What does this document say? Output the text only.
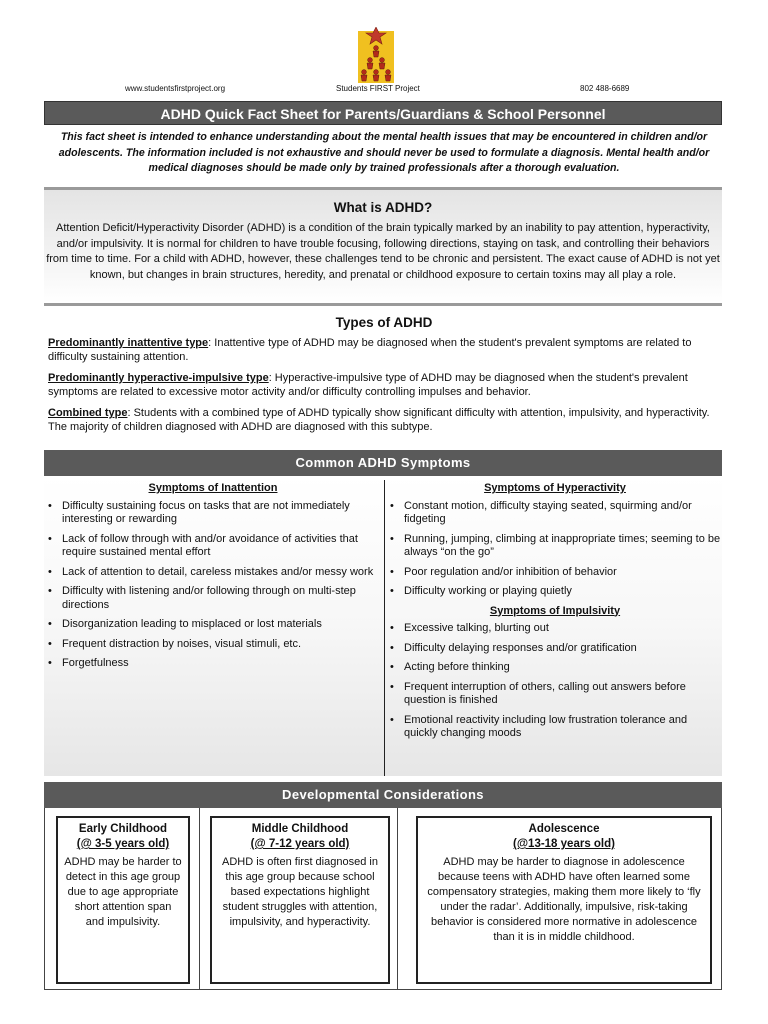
www.studentsfirstproject.org	Students FIRST Project	802 488-6689
ADHD Quick Fact Sheet for Parents/Guardians & School Personnel
This fact sheet is intended to enhance understanding about the mental health issues that may be encountered in children and/or adolescents. The information included is not exhaustive and should never be used to formulate a diagnosis. Mental health and/or medical diagnoses should be made only by trained professionals after a thorough evaluation.
What is ADHD?

Attention Deficit/Hyperactivity Disorder (ADHD) is a condition of the brain typically marked by an inability to pay attention, hyperactivity, and/or impulsivity. It is normal for children to have trouble focusing, following directions, staying on task, and controlling their behaviors from time to time. For a child with ADHD, however, these challenges tend to be chronic and persistent. The exact cause of ADHD is not yet known, but changes in brain structures, heredity, and prenatal or childhood exposure to certain toxins may all play a role.

Types of ADHD

Predominantly inattentive type: Inattentive type of ADHD may be diagnosed when the student's prevalent symptoms are related to difficulty sustaining attention.

Predominantly hyperactive-impulsive type: Hyperactive-impulsive type of ADHD may be diagnosed when the student's prevalent symptoms are related to excessive motor activity and/or difficulty controlling impulses and behavior.

Combined type: Students with a combined type of ADHD typically show significant difficulty with attention, impulsivity, and hyperactivity. The majority of children diagnosed with ADHD are diagnosed with this subtype.

Common ADHD Symptoms
Symptoms of Inattention
• Difficulty sustaining focus on tasks that are not immediately interesting or rewarding
• Lack of follow through with and/or avoidance of activities that require sustained mental effort
• Lack of attention to detail, careless mistakes and/or messy work
• Difficulty with listening and/or following through on multi-step directions
• Disorganization leading to misplaced or lost materials
• Frequent distraction by noises, visual stimuli, etc.
• Forgetfulness
Symptoms of Hyperactivity
• Constant motion, difficulty staying seated, squirming and/or fidgeting
• Running, jumping, climbing at inappropriate times; seeming to be always “on the go”
• Poor regulation and/or inhibition of behavior
• Difficulty working or playing quietly
Symptoms of Impulsivity
• Excessive talking, blurting out
• Difficulty delaying responses and/or gratification
• Acting before thinking
• Frequent interruption of others, calling out answers before question is finished
• Emotional reactivity including low frustration tolerance and quickly changing moods
Developmental Considerations
Early Childhood
(@ 3-5 years old)
ADHD may be harder to detect in this age group due to age appropriate short attention span and impulsivity.
Middle Childhood
(@ 7-12 years old)
ADHD is often first diagnosed in this age group because school based expectations highlight student struggles with attention, impulsivity, and hyperactivity.
Adolescence
(@13-18 years old)
ADHD may be harder to diagnose in adolescence because teens with ADHD have often learned some compensatory strategies, making them more likely to ‘fly under the radar’. Additionally, impulsive, risk-taking behavior is considered more normative in adolescence than it is in middle childhood.
